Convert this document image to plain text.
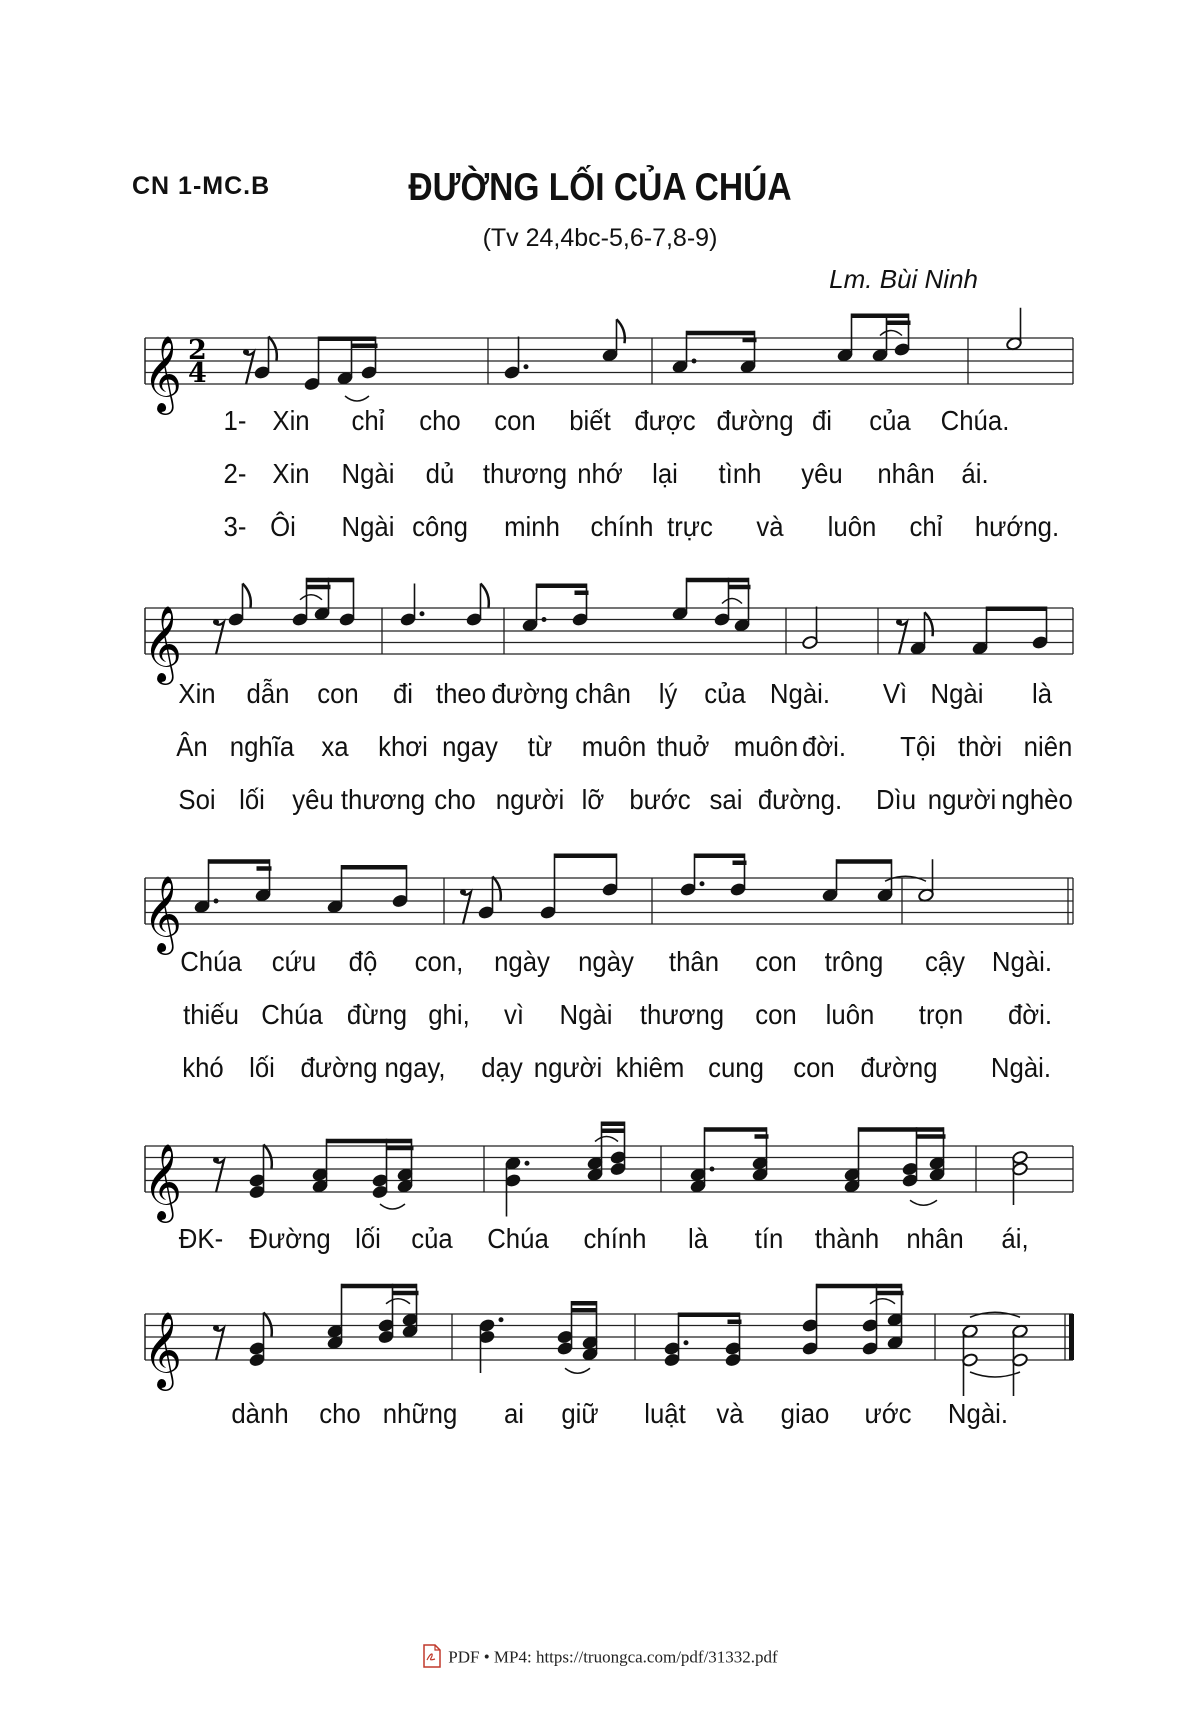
CN 1-MC.B	ĐƯỜNG LỐI CỦA CHÚA
(Tv 24,4bc-5,6-7,8-9)
Lm. Bùi Ninh
𝄞 2
4
1- Xin chỉ cho con biết được đường đi của Chúa.
2- Xin Ngài dủ thương nhớ lại tình yêu nhân ái.
3- Ôi Ngài công minh chính trực và luôn chỉ hướng.
𝄞
Xin dẫn con đi theo đường chân lý của Ngài. Vì Ngài là
Ân nghĩa xa khơi ngay từ muôn thuở muôn đời. Tội thời niên
Soi lối yêu thương cho người lỡ bước sai đường. Dìu người nghèo
𝄞
Chúa cứu độ con, ngày ngày thân con trông cậy Ngài.
thiếu Chúa đừng ghi, vì Ngài thương con luôn trọn đời.
khó lối đường ngay, dạy người khiêm cung con đường Ngài.
𝄞
ĐK- Đường lối của Chúa chính là tín thành nhân ái,
𝄞
dành cho những ai giữ luật và giao ước Ngài.
PDF • MP4: https://truongca.com/pdf/31332.pdf
